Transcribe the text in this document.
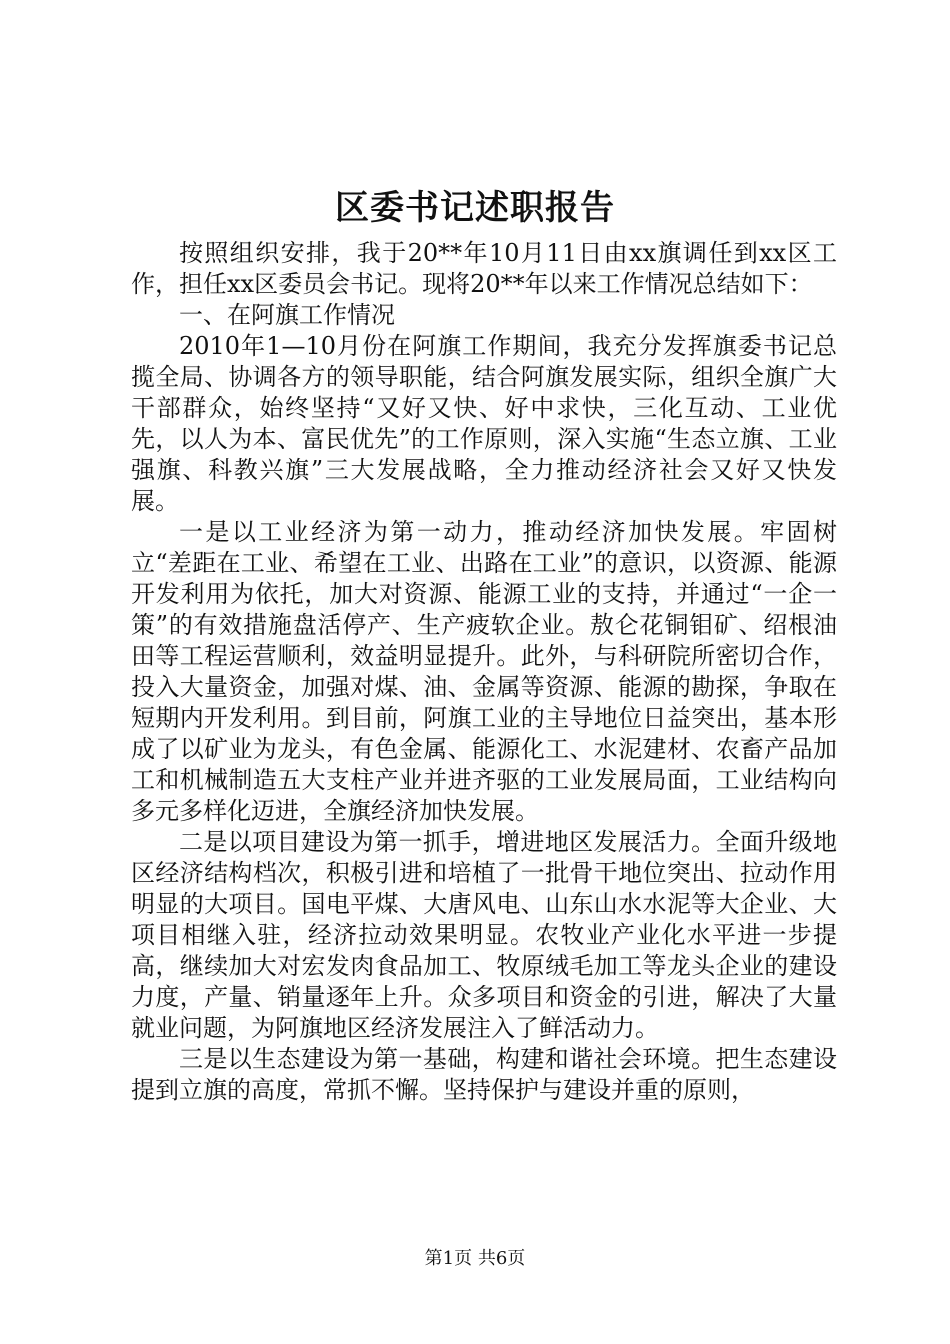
区委书记述职报告

按照组织安排，我于20**年10月11日由xx旗调任到xx区工作，担任xx区委员会书记。现将20**年以来工作情况总结如下：

一、在阿旗工作情况

2010年1—10月份在阿旗工作期间，我充分发挥旗委书记总揽全局、协调各方的领导职能，结合阿旗发展实际，组织全旗广大干部群众，始终坚持“又好又快、好中求快，三化互动、工业优先，以人为本、富民优先”的工作原则，深入实施“生态立旗、工业强旗、科教兴旗”三大发展战略，全力推动经济社会又好又快发展。

一是以工业经济为第一动力，推动经济加快发展。牢固树立“差距在工业、希望在工业、出路在工业”的意识，以资源、能源开发利用为依托，加大对资源、能源工业的支持，并通过“一企一策”的有效措施盘活停产、生产疲软企业。敖仑花铜钼矿、绍根油田等工程运营顺利，效益明显提升。此外，与科研院所密切合作，投入大量资金，加强对煤、油、金属等资源、能源的勘探，争取在短期内开发利用。到目前，阿旗工业的主导地位日益突出，基本形成了以矿业为龙头，有色金属、能源化工、水泥建材、农畜产品加工和机械制造五大支柱产业并进齐驱的工业发展局面，工业结构向多元多样化迈进，全旗经济加快发展。

二是以项目建设为第一抓手，增进地区发展活力。全面升级地区经济结构档次，积极引进和培植了一批骨干地位突出、拉动作用明显的大项目。国电平煤、大唐风电、山东山水水泥等大企业、大项目相继入驻，经济拉动效果明显。农牧业产业化水平进一步提高，继续加大对宏发肉食品加工、牧原绒毛加工等龙头企业的建设力度，产量、销量逐年上升。众多项目和资金的引进，解决了大量就业问题，为阿旗地区经济发展注入了鲜活动力。

三是以生态建设为第一基础，构建和谐社会环境。把生态建设提到立旗的高度，常抓不懈。坚持保护与建设并重的原则，

第1页 共6页
